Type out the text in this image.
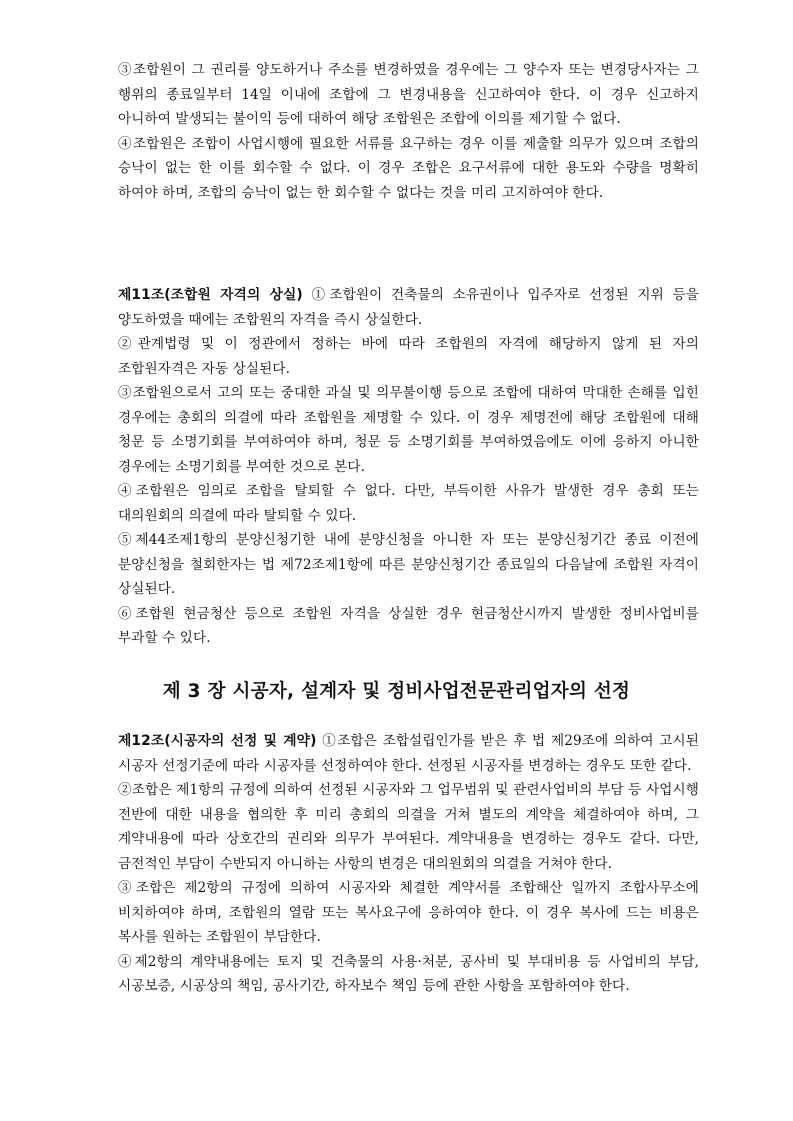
③조합원이 그 권리를 양도하거나 주소를 변경하였을 경우에는 그 양수자 또는 변경당사자는 그 행위의 종료일부터 14일 이내에 조합에 그 변경내용을 신고하여야 한다. 이 경우 신고하지 아니하여 발생되는 불이익 등에 대하여 해당 조합원은 조합에 이의를 제기할 수 없다.
④조합원은 조합이 사업시행에 필요한 서류를 요구하는 경우 이를 제출할 의무가 있으며 조합의 승낙이 없는 한 이를 회수할 수 없다. 이 경우 조합은 요구서류에 대한 용도와 수량을 명확히 하여야 하며, 조합의 승낙이 없는 한 회수할 수 없다는 것을 미리 고지하여야 한다.
제11조(조합원 자격의 상실) ①조합원이 건축물의 소유권이나 입주자로 선정된 지위 등을 양도하였을 때에는 조합원의 자격을 즉시 상실한다.
②관계법령 및 이 정관에서 정하는 바에 따라 조합원의 자격에 해당하지 않게 된 자의 조합원자격은 자동 상실된다.
③조합원으로서 고의 또는 중대한 과실 및 의무불이행 등으로 조합에 대하여 막대한 손해를 입힌 경우에는 총회의 의결에 따라 조합원을 제명할 수 있다. 이 경우 제명전에 해당 조합원에 대해 청문 등 소명기회를 부여하여야 하며, 청문 등 소명기회를 부여하였음에도 이에 응하지 아니한 경우에는 소명기회를 부여한 것으로 본다.
④조합원은 임의로 조합을 탈퇴할 수 없다. 다만, 부득이한 사유가 발생한 경우 총회 또는 대의원회의 의결에 따라 탈퇴할 수 있다.
⑤제44조제1항의 분양신청기한 내에 분양신청을 아니한 자 또는 분양신청기간 종료 이전에 분양신청을 철회한자는 법 제72조제1항에 따른 분양신청기간 종료일의 다음날에 조합원 자격이 상실된다.
⑥조합원 현금청산 등으로 조합원 자격을 상실한 경우 현금청산시까지 발생한 정비사업비를 부과할 수 있다.
제 3 장 시공자, 설계자 및 정비사업전문관리업자의 선정
제12조(시공자의 선정 및 계약) ①조합은 조합설립인가를 받은 후 법 제29조에 의하여 고시된 시공자 선정기준에 따라 시공자를 선정하여야 한다. 선정된 시공자를 변경하는 경우도 또한 같다.
②조합은 제1항의 규정에 의하여 선정된 시공자와 그 업무범위 및 관련사업비의 부담 등 사업시행 전반에 대한 내용을 협의한 후 미리 총회의 의결을 거쳐 별도의 계약을 체결하여야 하며, 그 계약내용에 따라 상호간의 권리와 의무가 부여된다. 계약내용을 변경하는 경우도 같다. 다만, 금전적인 부담이 수반되지 아니하는 사항의 변경은 대의원회의 의결을 거쳐야 한다.
③조합은 제2항의 규정에 의하여 시공자와 체결한 계약서를 조합해산 일까지 조합사무소에 비치하여야 하며, 조합원의 열람 또는 복사요구에 응하여야 한다. 이 경우 복사에 드는 비용은 복사를 원하는 조합원이 부담한다.
④제2항의 계약내용에는 토지 및 건축물의 사용·처분, 공사비 및 부대비용 등 사업비의 부담, 시공보증, 시공상의 책임, 공사기간, 하자보수 책임 등에 관한 사항을 포함하여야 한다.
